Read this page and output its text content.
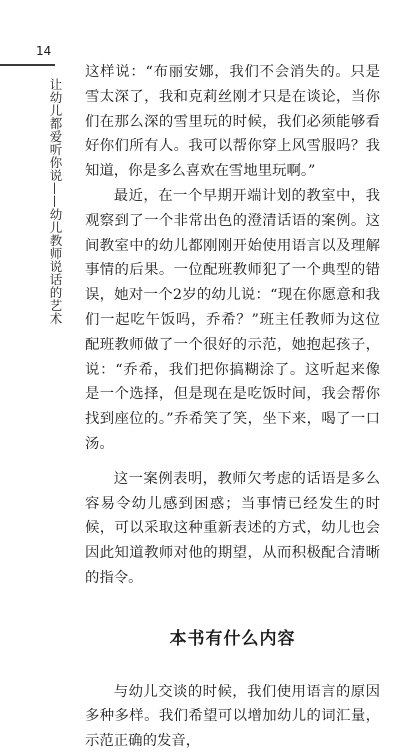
14
让幼儿都爱听你说——幼儿教师说话的艺术

这样说：“布丽安娜，我们不会消失的。只是雪太深了，我和克莉丝刚才只是在谈论，当你们在那么深的雪里玩的时候，我们必须能够看好你们所有人。我可以帮你穿上风雪服吗？我知道，你是多么喜欢在雪地里玩啊。”

最近，在一个早期开端计划的教室中，我观察到了一个非常出色的澄清话语的案例。这间教室中的幼儿都刚刚开始使用语言以及理解事情的后果。一位配班教师犯了一个典型的错误，她对一个2岁的幼儿说：“现在你愿意和我们一起吃午饭吗，乔希？”班主任教师为这位配班教师做了一个很好的示范，她抱起孩子，说：“乔希，我们把你搞糊涂了。这听起来像是一个选择，但是现在是吃饭时间，我会帮你找到座位的。”乔希笑了笑，坐下来，喝了一口汤。

这一案例表明，教师欠考虑的话语是多么容易令幼儿感到困惑；当事情已经发生的时候，可以采取这种重新表述的方式，幼儿也会因此知道教师对他的期望，从而积极配合清晰的指令。

本书有什么内容

与幼儿交谈的时候，我们使用语言的原因多种多样。我们希望可以增加幼儿的词汇量，示范正确的发音，
